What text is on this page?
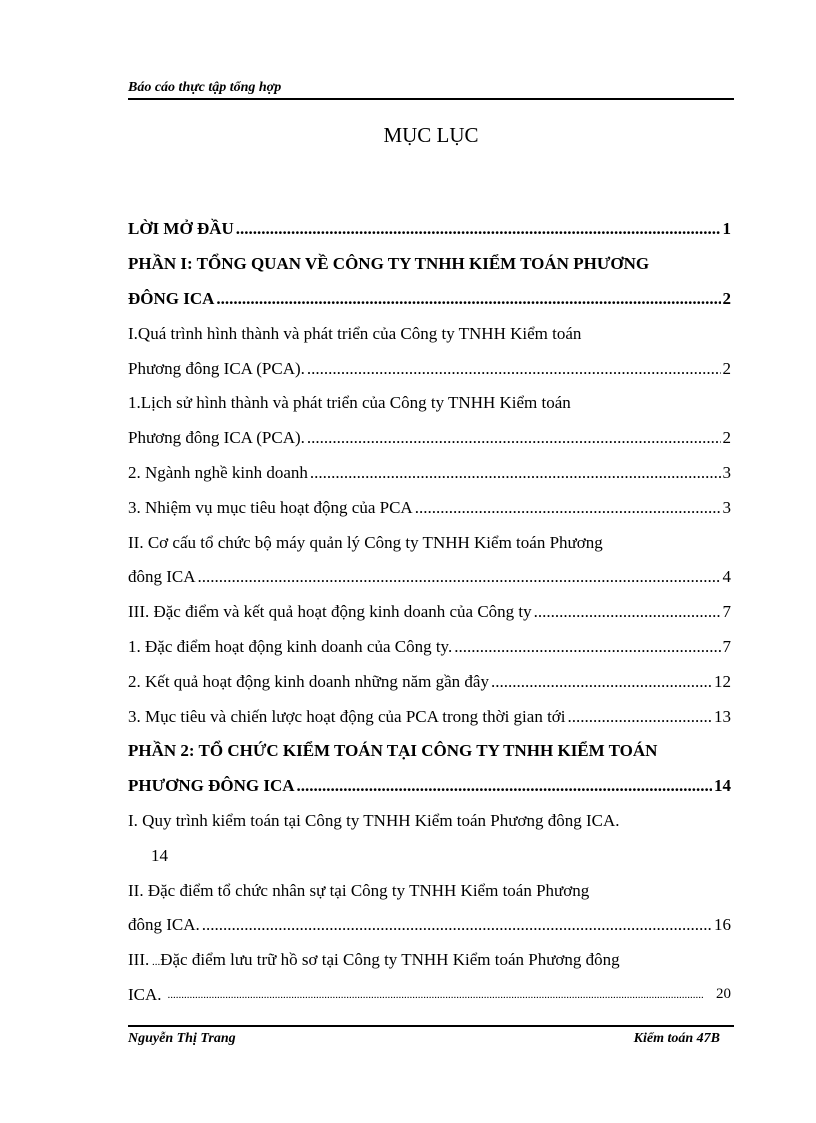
Báo cáo thực tập tổng hợp
MỤC LỤC
LỜI MỞ ĐẦU .....	1
PHẦN I: TỔNG QUAN VỀ CÔNG TY TNHH KIỂM TOÁN PHƯƠNG
ĐÔNG ICA .....	2
I.Quá trình hình thành và phát triển của Công ty TNHH Kiểm toán
Phương đông ICA (PCA). .....	2
1.Lịch sử hình thành và phát triển của Công ty TNHH Kiểm toán
Phương đông ICA (PCA). .....	2
2. Ngành nghề kinh doanh .....	3
3. Nhiệm vụ mục tiêu hoạt động của PCA .....	3
II. Cơ cấu tổ chức bộ máy quản lý Công ty TNHH Kiểm toán Phương
đông ICA .....	4
III. Đặc điểm và kết quả hoạt động kinh doanh của Công ty .....	7
1. Đặc điểm hoạt động kinh doanh của Công ty. .....	7
2. Kết quả hoạt động kinh doanh những năm gần đây .....	12
3. Mục tiêu và chiến lược hoạt động của PCA trong thời gian tới .....	13
PHẦN 2: TỔ CHỨC KIỂM TOÁN TẠI CÔNG TY TNHH KIỂM TOÁN
PHƯƠNG ĐÔNG ICA .....	14
I. Quy trình kiểm toán tại Công ty TNHH Kiểm toán Phương đông ICA.
14
II. Đặc điểm tổ chức nhân sự tại Công ty TNHH Kiểm toán Phương
đông ICA. .....	16
III. ...Đặc điểm lưu trữ hồ sơ tại Công ty TNHH Kiểm toán Phương đông
ICA. .....	20
Nguyễn Thị Trang	Kiểm toán 47B
